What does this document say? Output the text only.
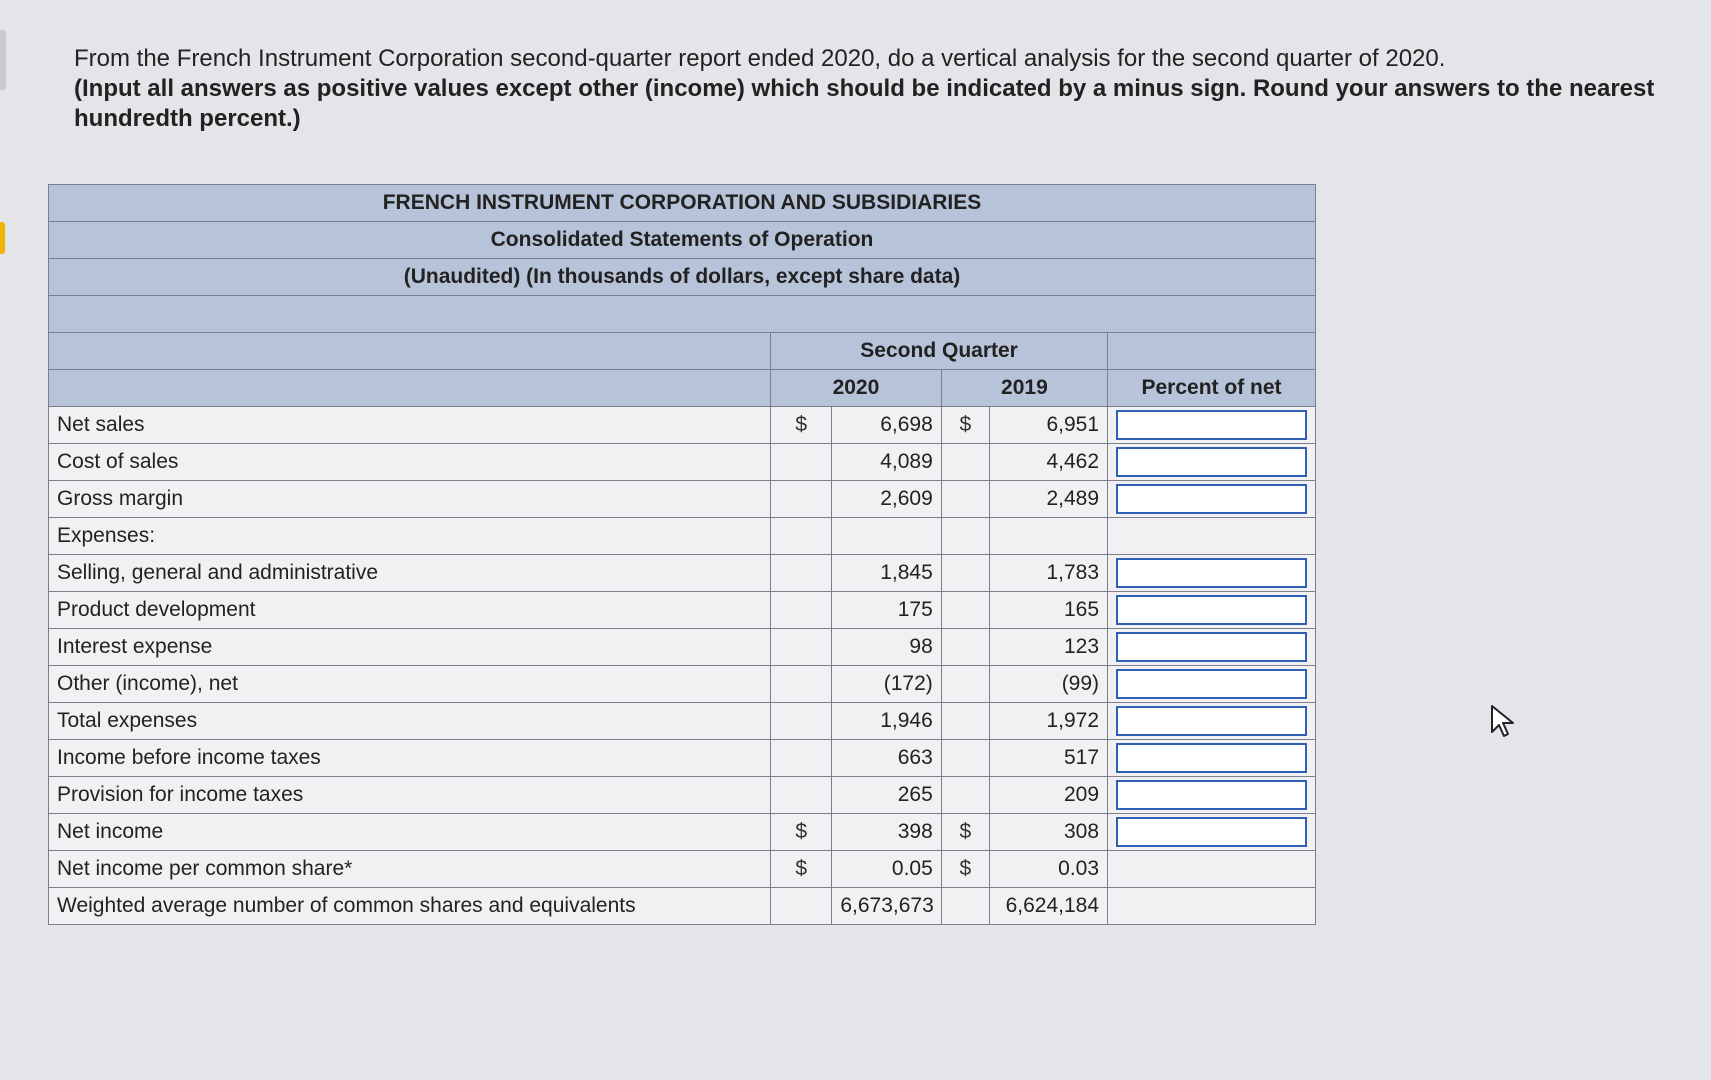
From the French Instrument Corporation second-quarter report ended 2020, do a vertical analysis for the second quarter of 2020.
(Input all answers as positive values except other (income) which should be indicated by a minus sign. Round your answers to the nearest hundredth percent.)
FRENCH INSTRUMENT CORPORATION AND SUBSIDIARIES					
Consolidated Statements of Operation					
(Unaudited) (In thousands of dollars, except share data)					

	Second Quarter				
	2020		2019		Percent of net
Net sales	$	6,698	$	6,951	
Cost of sales		4,089		4,462	
Gross margin		2,609		2,489	
Expenses:					
Selling, general and administrative		1,845		1,783	
Product development		175		165	
Interest expense		98		123	
Other (income), net		(172)		(99)	
Total expenses		1,946		1,972	
Income before income taxes		663		517	
Provision for income taxes		265		209	
Net income	$	398	$	308	
Net income per common share*	$	0.05	$	0.03	
Weighted average number of common shares and equivalents		6,673,673		6,624,184	
